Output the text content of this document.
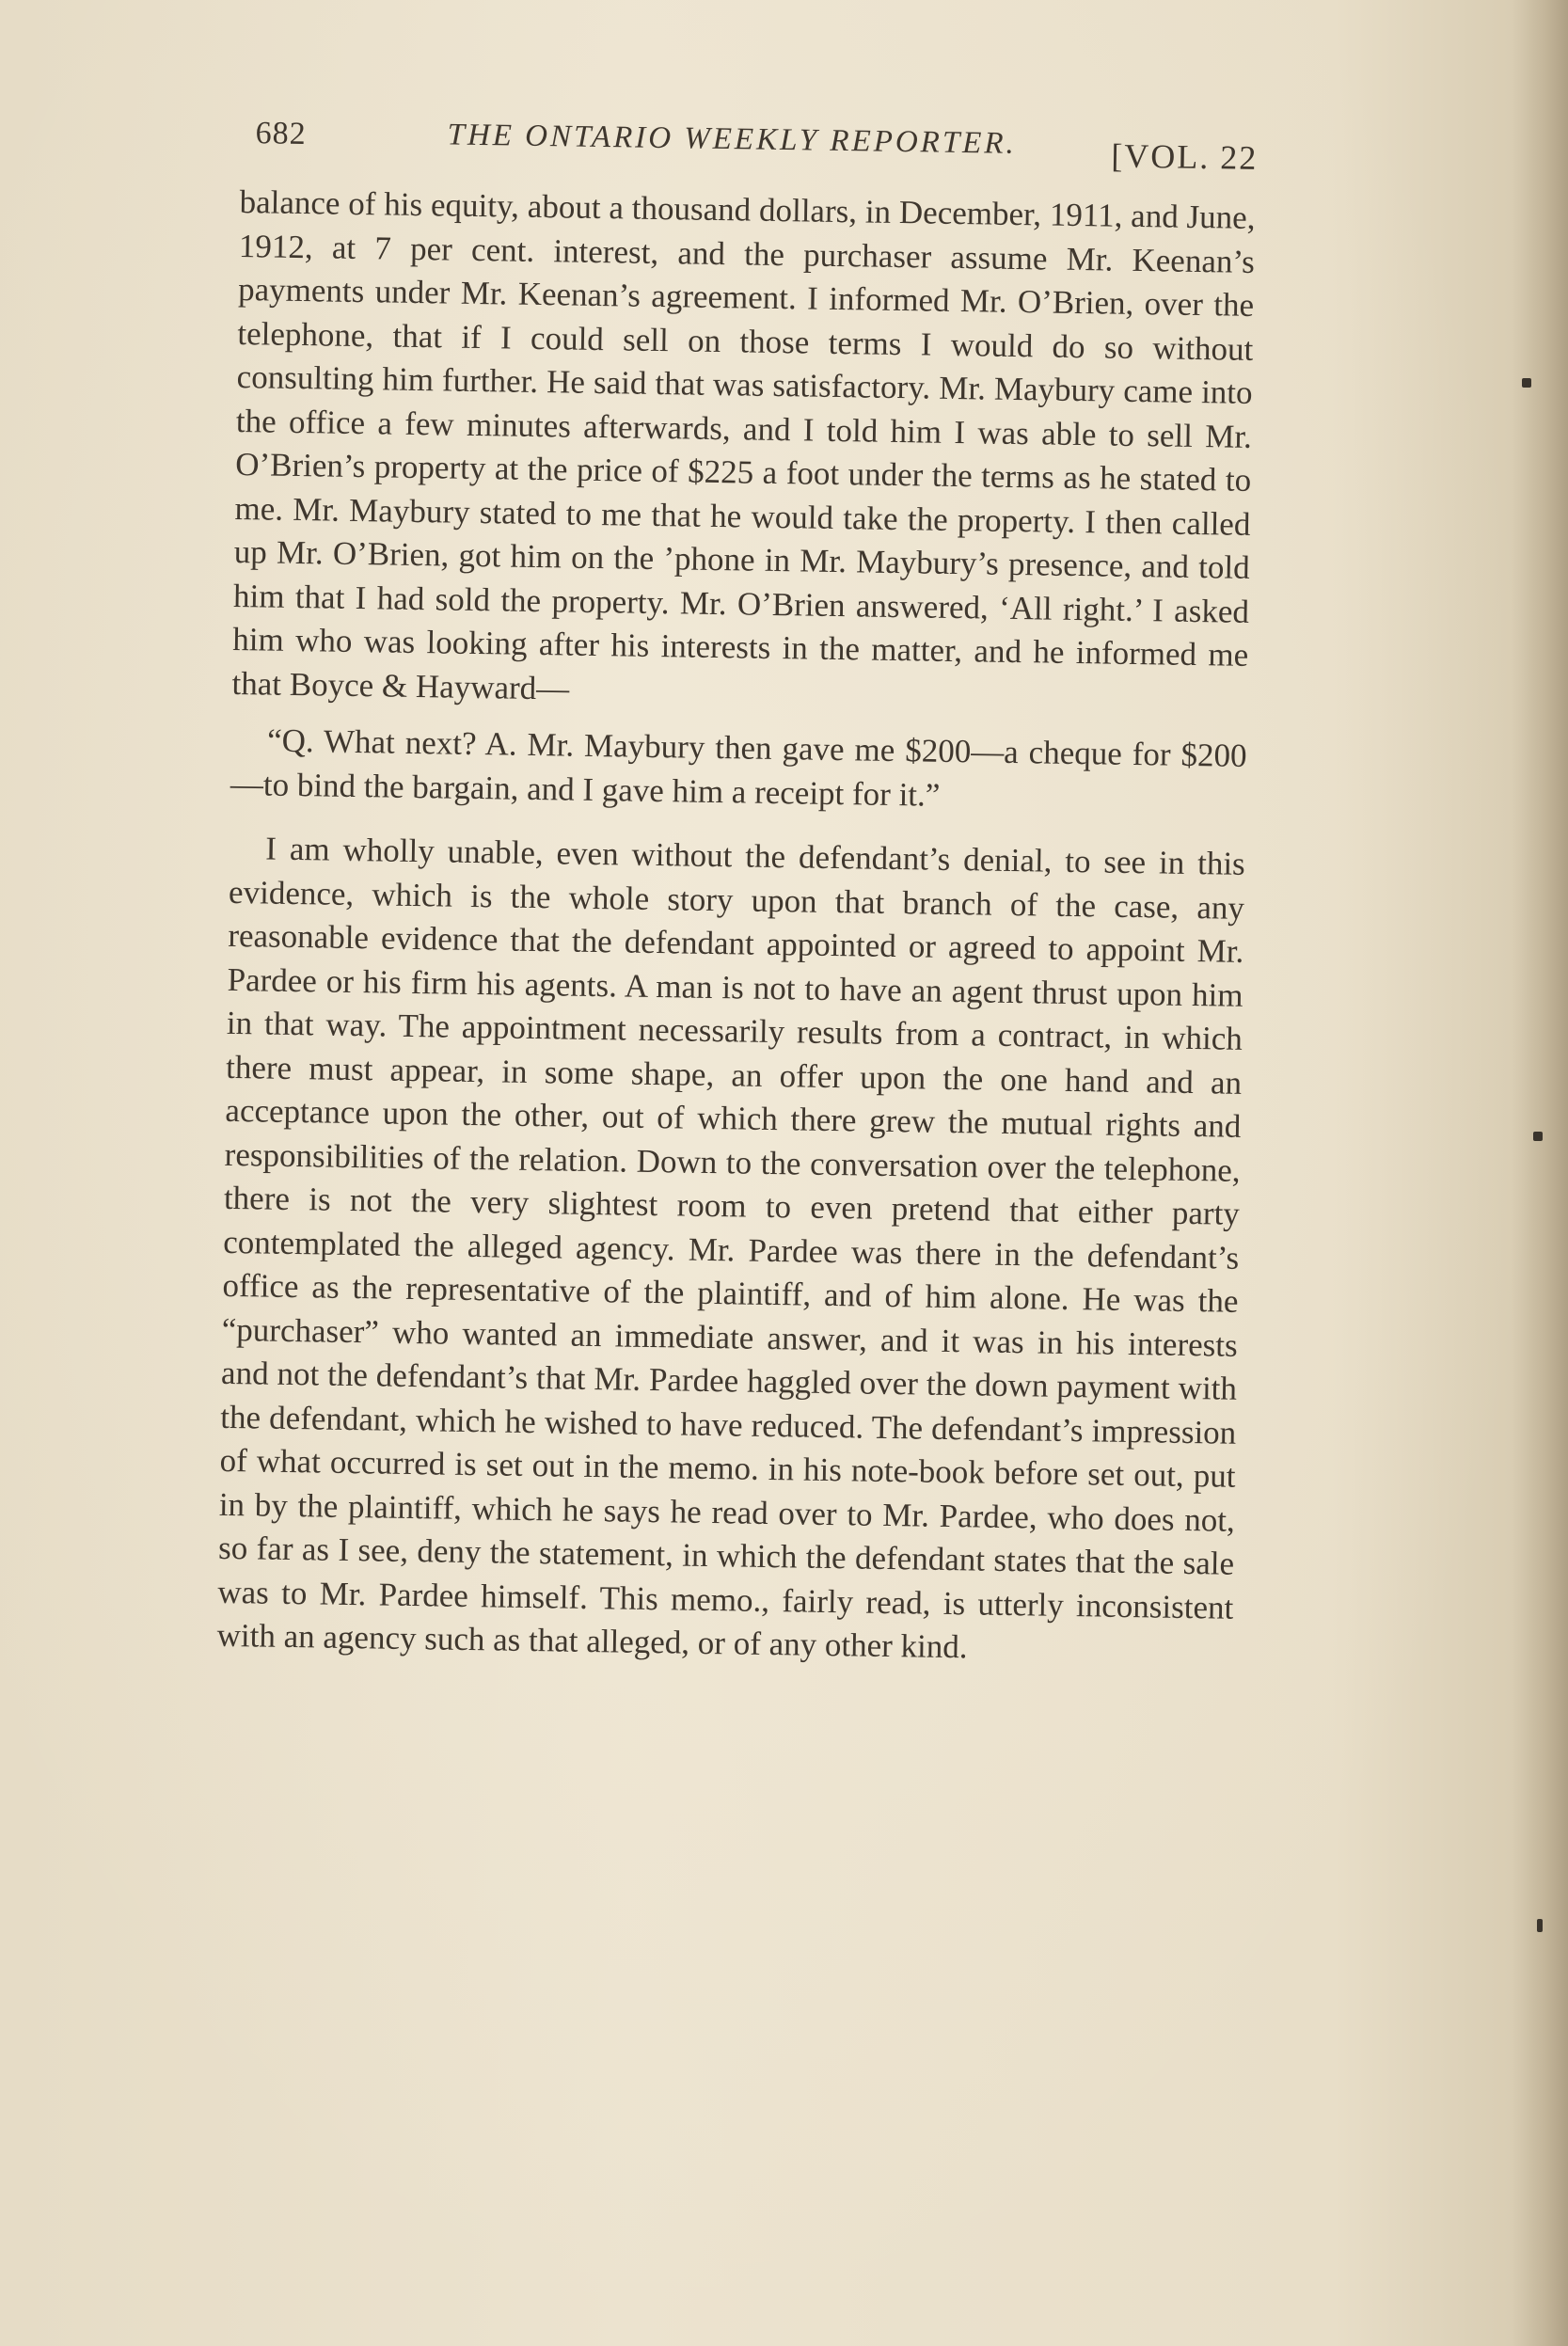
682	THE ONTARIO WEEKLY REPORTER.	[VOL. 22

balance of his equity, about a thousand dollars, in December, 1911, and June, 1912, at 7 per cent. interest, and the purchaser assume Mr. Keenan’s payments under Mr. Keenan’s agreement. I informed Mr. O’Brien, over the telephone, that if I could sell on those terms I would do so without consulting him further. He said that was satisfactory. Mr. Maybury came into the office a few minutes afterwards, and I told him I was able to sell Mr. O’Brien’s property at the price of $225 a foot under the terms as he stated to me. Mr. Maybury stated to me that he would take the property. I then called up Mr. O’Brien, got him on the ’phone in Mr. Maybury’s presence, and told him that I had sold the property. Mr. O’Brien answered, ‘All right.’ I asked him who was looking after his interests in the matter, and he informed me that Boyce & Hayward—

“Q. What next? A. Mr. Maybury then gave me $200—a cheque for $200—to bind the bargain, and I gave him a receipt for it.”

I am wholly unable, even without the defendant’s denial, to see in this evidence, which is the whole story upon that branch of the case, any reasonable evidence that the defendant appointed or agreed to appoint Mr. Pardee or his firm his agents. A man is not to have an agent thrust upon him in that way. The appointment necessarily results from a contract, in which there must appear, in some shape, an offer upon the one hand and an acceptance upon the other, out of which there grew the mutual rights and responsibilities of the relation. Down to the conversation over the telephone, there is not the very slightest room to even pretend that either party contemplated the alleged agency. Mr. Pardee was there in the defendant’s office as the representative of the plaintiff, and of him alone. He was the “purchaser” who wanted an immediate answer, and it was in his interests and not the defendant’s that Mr. Pardee haggled over the down payment with the defendant, which he wished to have reduced. The defendant’s impression of what occurred is set out in the memo. in his note-book before set out, put in by the plaintiff, which he says he read over to Mr. Pardee, who does not, so far as I see, deny the statement, in which the defendant states that the sale was to Mr. Pardee himself. This memo., fairly read, is utterly inconsistent with an agency such as that alleged, or of any other kind.
